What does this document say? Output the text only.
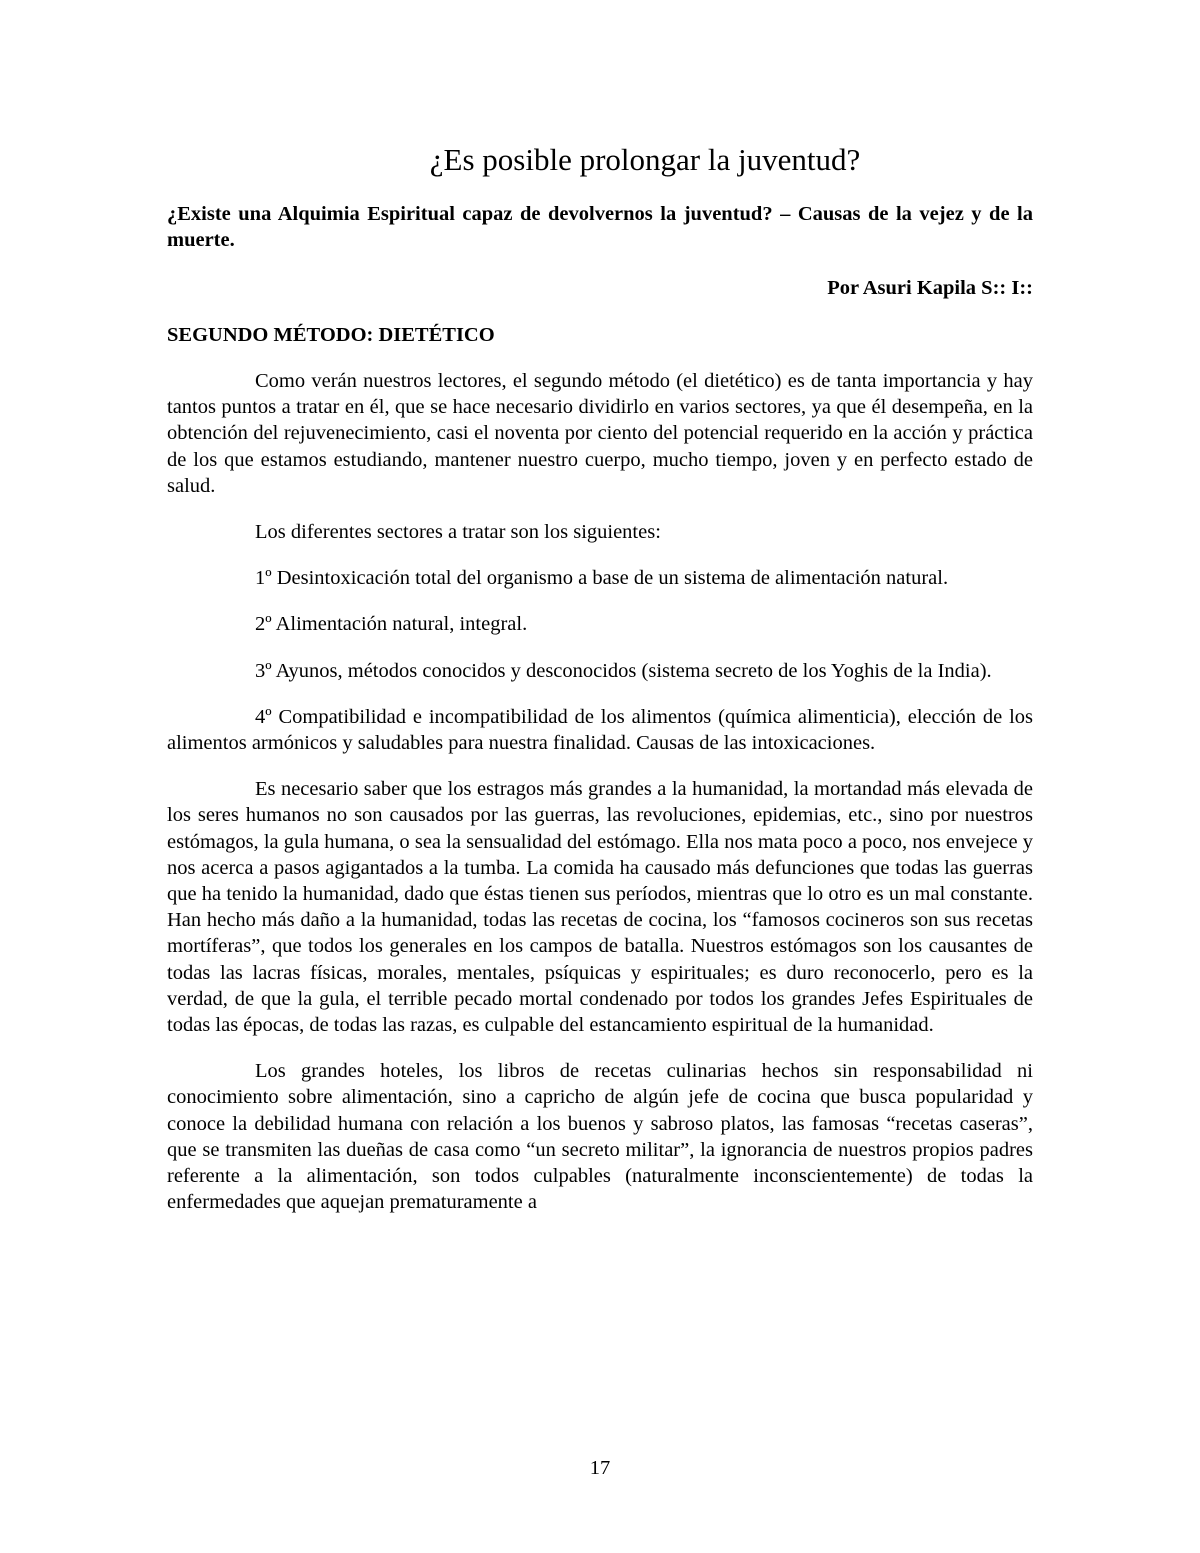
¿Es posible prolongar la juventud?

¿Existe una Alquimia Espiritual capaz de devolvernos la juventud? – Causas de la vejez y de la muerte.

Por Asuri Kapila S:: I::

SEGUNDO MÉTODO: DIETÉTICO

Como verán nuestros lectores, el segundo método (el dietético) es de tanta importancia y hay tantos puntos a tratar en él, que se hace necesario dividirlo en varios sectores, ya que él desempeña, en la obtención del rejuvenecimiento, casi el noventa por ciento del potencial requerido en la acción y práctica de los que estamos estudiando, mantener nuestro cuerpo, mucho tiempo, joven y en perfecto estado de salud.

Los diferentes sectores a tratar son los siguientes:

1º Desintoxicación total del organismo a base de un sistema de alimentación natural.

2º Alimentación natural, integral.

3º Ayunos, métodos conocidos y desconocidos (sistema secreto de los Yoghis de la India).

4º Compatibilidad e incompatibilidad de los alimentos (química alimenticia), elección de los alimentos armónicos y saludables para nuestra finalidad. Causas de las intoxicaciones.

Es necesario saber que los estragos más grandes a la humanidad, la mortandad más elevada de los seres humanos no son causados por las guerras, las revoluciones, epidemias, etc., sino por nuestros estómagos, la gula humana, o sea la sensualidad del estómago. Ella nos mata poco a poco, nos envejece y nos acerca a pasos agigantados a la tumba. La comida ha causado más defunciones que todas las guerras que ha tenido la humanidad, dado que éstas tienen sus períodos, mientras que lo otro es un mal constante. Han hecho más daño a la humanidad, todas las recetas de cocina, los “famosos cocineros son sus recetas mortíferas”, que todos los generales en los campos de batalla. Nuestros estómagos son los causantes de todas las lacras físicas, morales, mentales, psíquicas y espirituales; es duro reconocerlo, pero es la verdad, de que la gula, el terrible pecado mortal condenado por todos los grandes Jefes Espirituales de todas las épocas, de todas las razas, es culpable del estancamiento espiritual de la humanidad.

Los grandes hoteles, los libros de recetas culinarias hechos sin responsabilidad ni conocimiento sobre alimentación, sino a capricho de algún jefe de cocina que busca popularidad y conoce la debilidad humana con relación a los buenos y sabroso platos, las famosas “recetas caseras”, que se transmiten las dueñas de casa como “un secreto militar”, la ignorancia de nuestros propios padres referente a la alimentación, son todos culpables (naturalmente inconscientemente) de todas la enfermedades que aquejan prematuramente a

17
